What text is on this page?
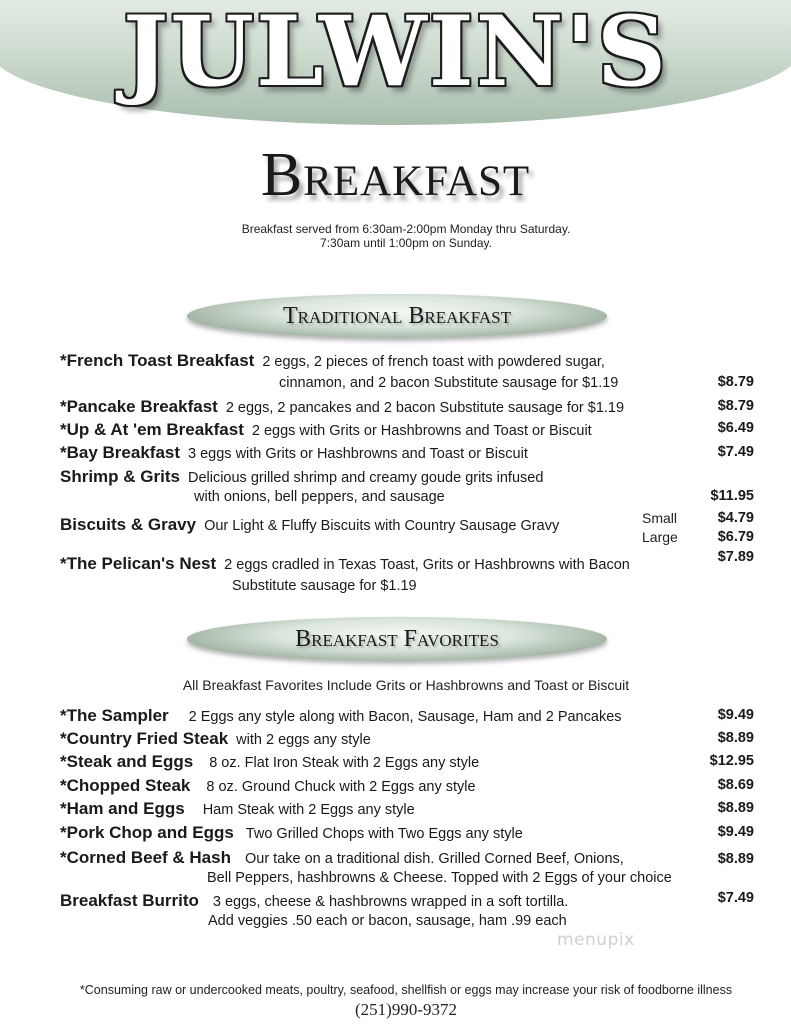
JULWIN'S
Breakfast
Breakfast served from 6:30am-2:00pm Monday thru Saturday.
7:30am until 1:00pm on Sunday.
Traditional Breakfast
*French Toast Breakfast 2 eggs, 2 pieces of french toast with powdered sugar,
cinnamon, and 2 bacon Substitute sausage for $1.19	$8.79
*Pancake Breakfast 2 eggs, 2 pancakes and 2 bacon Substitute sausage for $1.19	$8.79
*Up & At 'em Breakfast 2 eggs with Grits or Hashbrowns and Toast or Biscuit	$6.49
*Bay Breakfast 3 eggs with Grits or Hashbrowns and Toast or Biscuit	$7.49
Shrimp & Grits Delicious grilled shrimp and creamy goude grits infused
with onions, bell peppers, and sausage	$11.95
Biscuits & Gravy Our Light & Fluffy Biscuits with Country Sausage Gravy	Small	$4.79
Large	$6.79
*The Pelican's Nest 2 eggs cradled in Texas Toast, Grits or Hashbrowns with Bacon
Substitute sausage for $1.19
$7.89
Breakfast Favorites
All Breakfast Favorites Include Grits or Hashbrowns and Toast or Biscuit
*The Sampler 2 Eggs any style along with Bacon, Sausage, Ham and 2 Pancakes	$9.49
*Country Fried Steak with 2 eggs any style	$8.89
*Steak and Eggs 8 oz. Flat Iron Steak with 2 Eggs any style	$12.95
*Chopped Steak 8 oz. Ground Chuck with 2 Eggs any style	$8.69
*Ham and Eggs Ham Steak with 2 Eggs any style	$8.89
*Pork Chop and Eggs Two Grilled Chops with Two Eggs any style	$9.49
*Corned Beef & Hash Our take on a traditional dish. Grilled Corned Beef, Onions,
Bell Peppers, hashbrowns & Cheese. Topped with 2 Eggs of your choice
$8.89
Breakfast Burrito 3 eggs, cheese & hashbrowns wrapped in a soft tortilla.
Add veggies .50 each or bacon, sausage, ham .99 each
$7.49
menupix
*Consuming raw or undercooked meats, poultry, seafood, shellfish or eggs may increase your risk of foodborne illness
(251)990-9372
